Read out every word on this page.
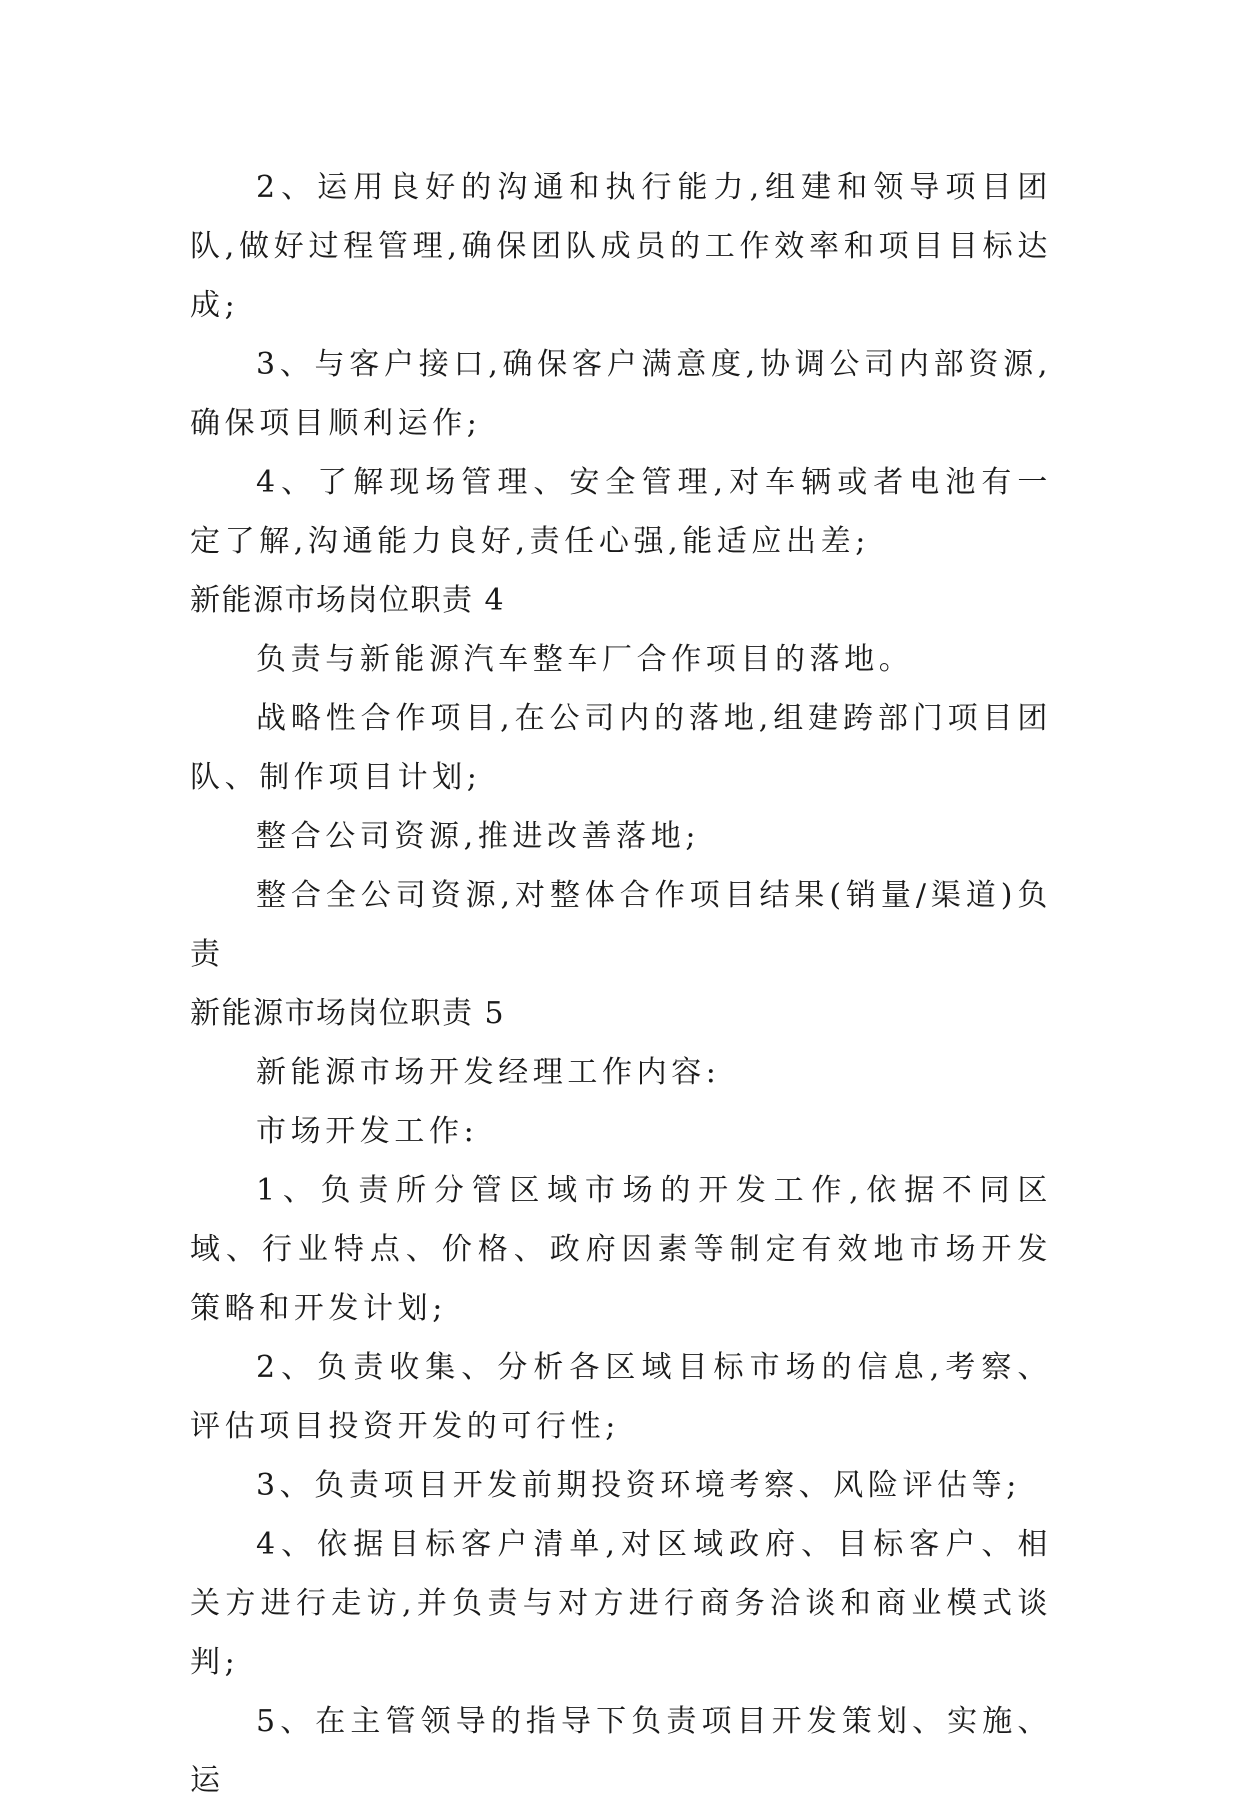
2、运用良好的沟通和执行能力,组建和领导项目团队,做好过程管理,确保团队成员的工作效率和项目目标达成;

3、与客户接口,确保客户满意度,协调公司内部资源,确保项目顺利运作;

4、了解现场管理、安全管理,对车辆或者电池有一定了解,沟通能力良好,责任心强,能适应出差;

新能源市场岗位职责 4

负责与新能源汽车整车厂合作项目的落地。

战略性合作项目,在公司内的落地,组建跨部门项目团队、制作项目计划;

整合公司资源,推进改善落地;

整合全公司资源,对整体合作项目结果(销量/渠道)负责

新能源市场岗位职责 5

新能源市场开发经理工作内容:

市场开发工作:

1、负责所分管区域市场的开发工作,依据不同区域、行业特点、价格、政府因素等制定有效地市场开发策略和开发计划;

2、负责收集、分析各区域目标市场的信息,考察、评估项目投资开发的可行性;

3、负责项目开发前期投资环境考察、风险评估等;

4、依据目标客户清单,对区域政府、目标客户、相关方进行走访,并负责与对方进行商务洽谈和商业模式谈判;

5、在主管领导的指导下负责项目开发策划、实施、运
